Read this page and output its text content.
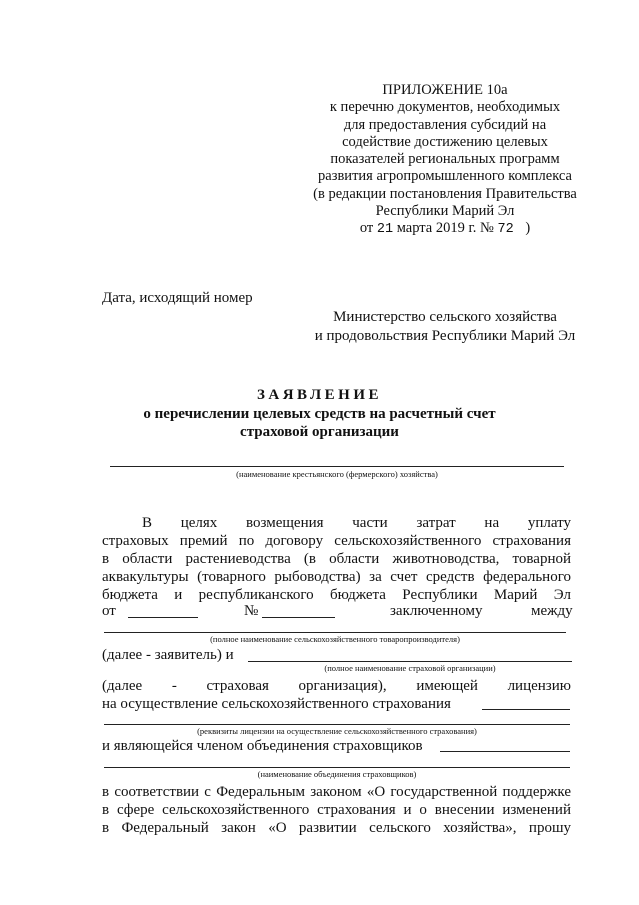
ПРИЛОЖЕНИЕ 10а
к перечню документов, необходимых
для предоставления субсидий на
содействие достижению целевых
показателей региональных программ
развития агропромышленного комплекса
(в редакции постановления Правительства
Республики Марий Эл
от 21 марта 2019 г. № 72 )
Дата, исходящий номер
Министерство сельского хозяйства
и продовольствия Республики Марий Эл
ЗАЯВЛЕНИЕ
о перечислении целевых средств на расчетный счет
страховой организации
(наименование крестьянского (фермерского) хозяйства)
В целях возмещения части затрат на уплату
страховых премий по договору сельскохозяйственного страхования
в области растениеводства (в области животноводства, товарной
аквакультуры (товарного рыбоводства) за счет средств федерального
бюджета и республиканского бюджета Республики Марий Эл
от	№	заключенному	между
(полное наименование сельскохозяйственного товаропроизводителя)
(далее - заявитель) и
(полное наименование страховой организации)
(далее - страховая организация), имеющей лицензию
на осуществление сельскохозяйственного страхования
(реквизиты лицензии на осуществление сельскохозяйственного страхования)
и являющейся членом объединения страховщиков
(наименование объединения страховщиков)
в соответствии с Федеральным законом «О государственной поддержке
в сфере сельскохозяйственного страхования и о внесении изменений
в Федеральный закон «О развитии сельского хозяйства», прошу
